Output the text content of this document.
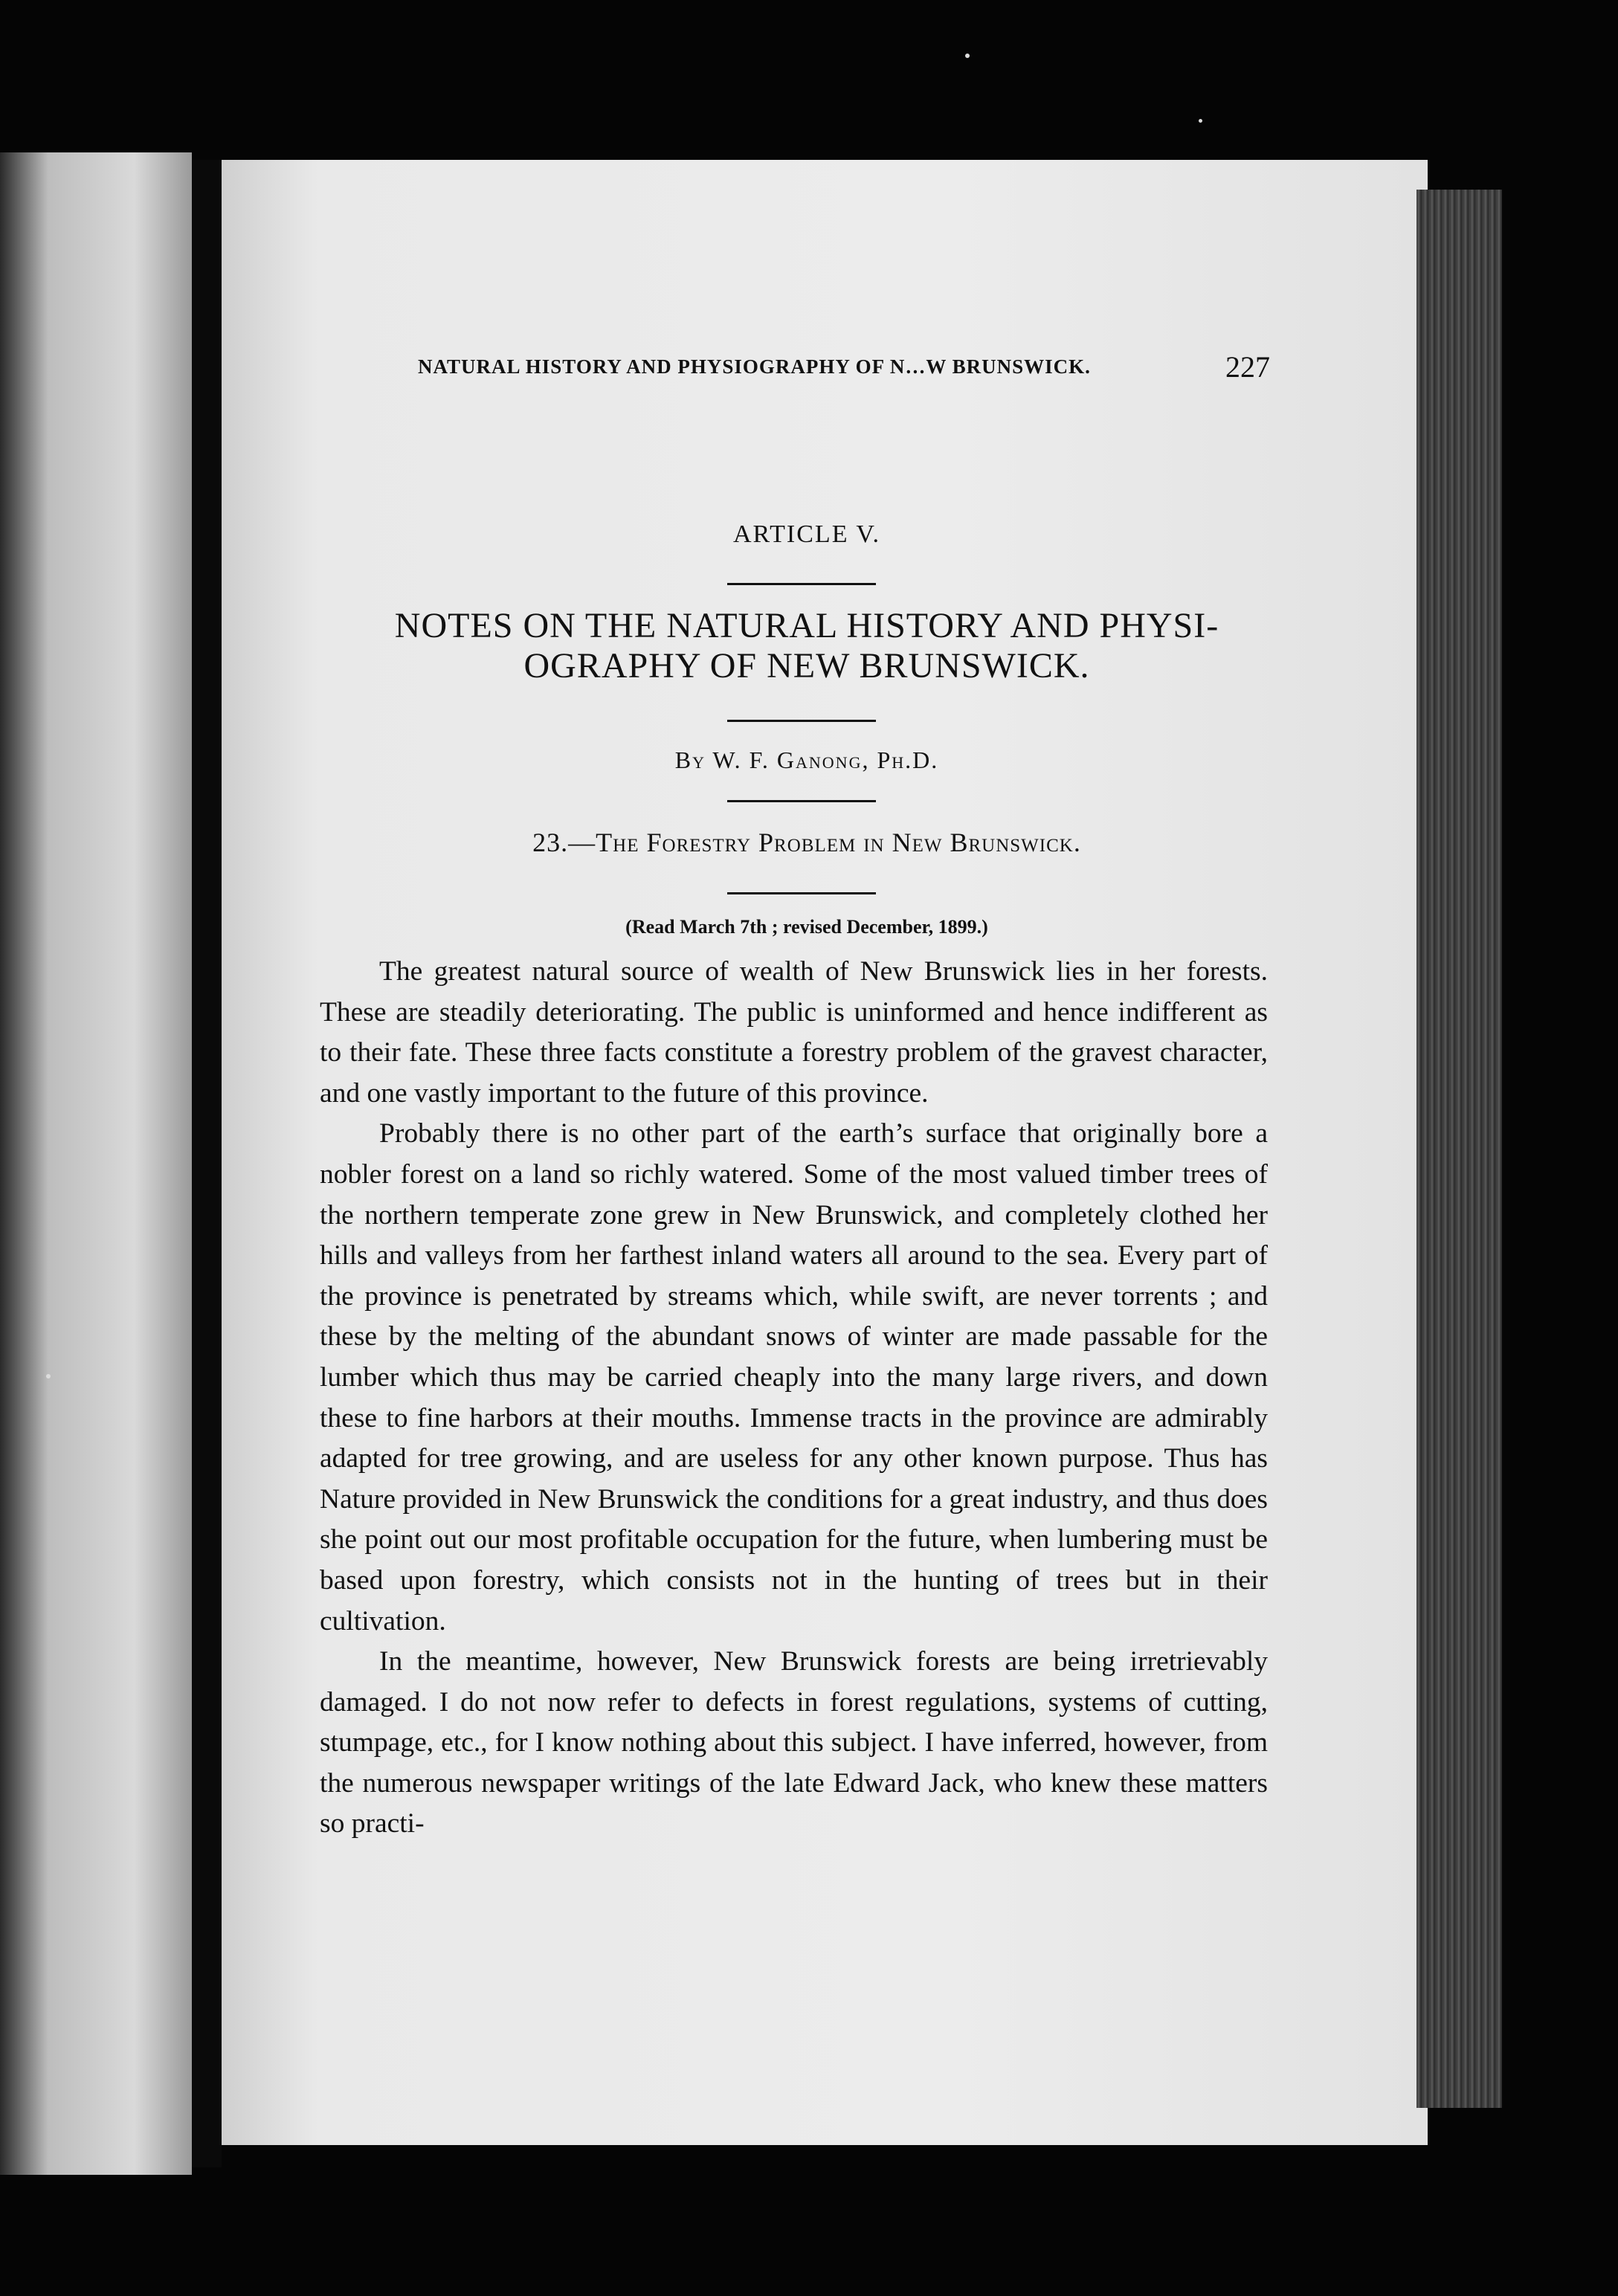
NATURAL HISTORY AND PHYSIOGRAPHY OF N…W BRUNSWICK.	227
ARTICLE V.
NOTES ON THE NATURAL HISTORY AND PHYSI-
OGRAPHY OF NEW BRUNSWICK.
By W. F. Ganong, Ph.D.
23.—The Forestry Problem in New Brunswick.
(Read March 7th ; revised December, 1899.)

The greatest natural source of wealth of New Brunswick lies in her forests. These are steadily deteriorating. The public is uninformed and hence indifferent as to their fate. These three facts constitute a forestry problem of the gravest character, and one vastly important to the future of this province.

Probably there is no other part of the earth’s surface that originally bore a nobler forest on a land so richly watered. Some of the most valued timber trees of the northern temperate zone grew in New Brunswick, and completely clothed her hills and valleys from her farthest inland waters all around to the sea. Every part of the province is penetrated by streams which, while swift, are never torrents ; and these by the melting of the abundant snows of winter are made passable for the lumber which thus may be carried cheaply into the many large rivers, and down these to fine harbors at their mouths. Immense tracts in the province are admirably adapted for tree growing, and are useless for any other known purpose. Thus has Nature provided in New Brunswick the conditions for a great industry, and thus does she point out our most profitable occupation for the future, when lumbering must be based upon forestry, which consists not in the hunting of trees but in their cultivation.

In the meantime, however, New Brunswick forests are being irretrievably damaged. I do not now refer to defects in forest regulations, systems of cutting, stumpage, etc., for I know nothing about this subject. I have inferred, however, from the numerous newspaper writings of the late Edward Jack, who knew these matters so practi-
